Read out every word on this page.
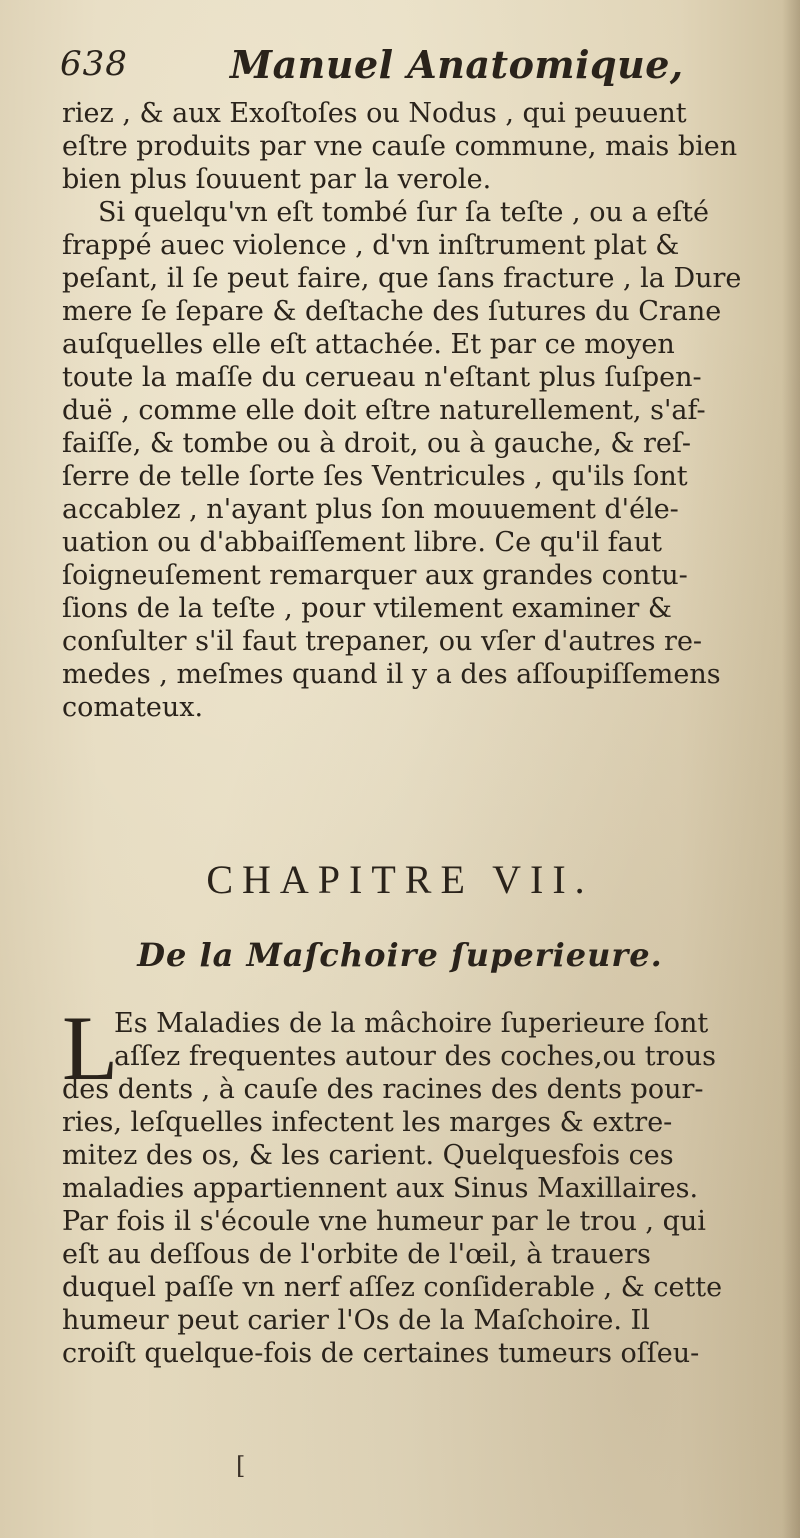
638	Manuel Anatomique,
riez , & aux Exoſtoſes ou Nodus , qui peuuent
eſtre produits par vne cauſe commune, mais bien
bien plus ſouuent par la verole.
Si quelqu'vn eſt tombé ſur ſa teſte , ou a eſté
frappé auec violence , d'vn inſtrument plat &
peſant, il ſe peut faire, que ſans fracture , la Dure
mere ſe ſepare & deſtache des ſutures du Crane
auſquelles elle eſt attachée. Et par ce moyen
toute la maſſe du cerueau n'eſtant plus ſuſpen-
duë , comme elle doit eſtre naturellement, s'af-
faiſſe, & tombe ou à droit, ou à gauche, & reſ-
ſerre de telle ſorte ſes Ventricules , qu'ils ſont
accablez , n'ayant plus ſon mouuement d'éle-
uation ou d'abbaiſſement libre. Ce qu'il faut
ſoigneuſement remarquer aux grandes contu-
ſions de la teſte , pour vtilement examiner &
conſulter s'il faut trepaner, ou vſer d'autres re-
medes , meſmes quand il y a des aſſoupiſſemens
comateux.
CHAPITRE VII.
De la Maſchoire ſuperieure.
L
Es Maladies de la mâchoire ſuperieure ſont
aſſez frequentes autour des coches,ou trous
des dents , à cauſe des racines des dents pour-
ries, leſquelles infectent les marges & extre-
mitez des os, & les carient. Quelquesfois ces
maladies appartiennent aux Sinus Maxillaires.
Par fois il s'écoule vne humeur par le trou , qui
eſt au deſſous de l'orbite de l'œil, à trauers
duquel paſſe vn nerf aſſez conſiderable , & cette
humeur peut carier l'Os de la Maſchoire. Il
croiſt quelque-fois de certaines tumeurs oſſeu-
[
